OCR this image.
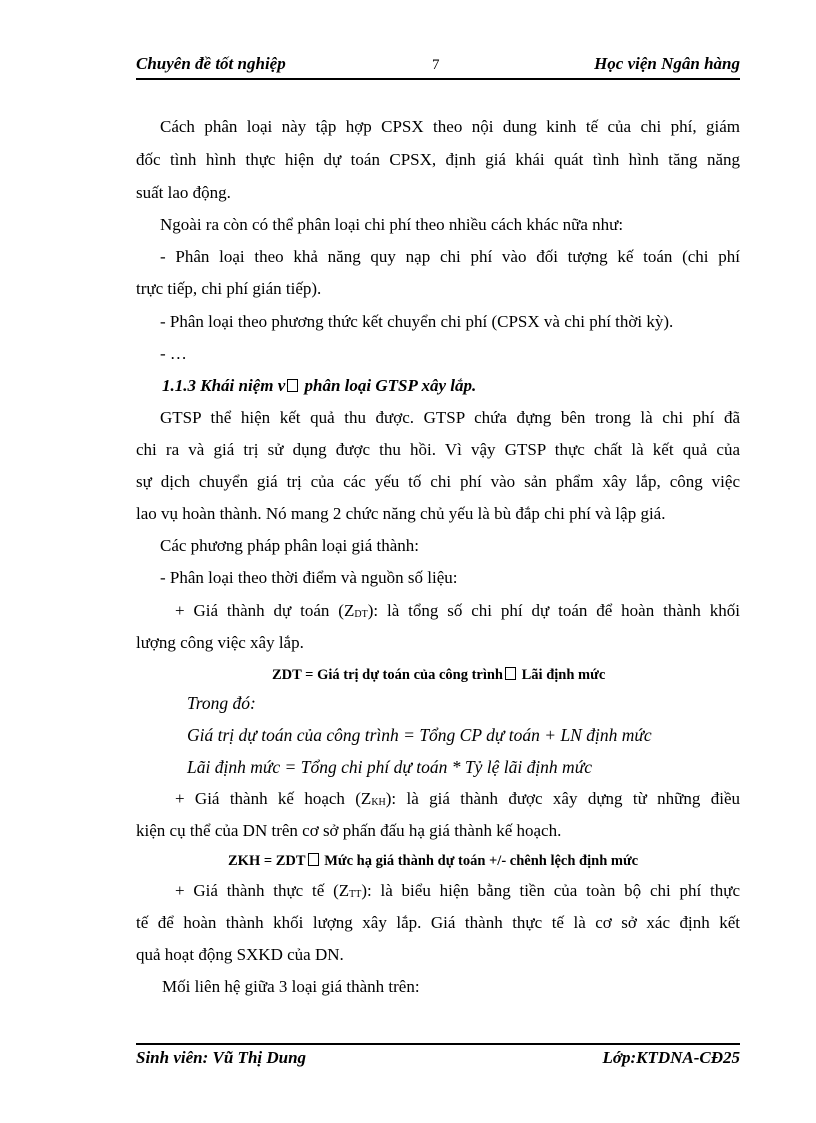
Chuyên đề tốt nghiệp	7	Học viện Ngân hàng
Cách phân loại này tập hợp CPSX theo nội dung kinh tế của chi phí, giám
đốc tình hình thực hiện dự toán CPSX, định giá khái quát tình hình tăng năng
suất lao động.
Ngoài ra còn có thể phân loại chi phí theo nhiều cách khác nữa như:
- Phân loại theo khả năng quy nạp chi phí vào đối tượng kế toán (chi phí
trực tiếp, chi phí gián tiếp).
- Phân loại theo phương thức kết chuyển chi phí (CPSX và chi phí thời kỳ).
- …
1.1.3 Khái niệm v phân loại GTSP xây lắp.
GTSP thể hiện kết quả thu được. GTSP chứa đựng bên trong là chi phí đã
chi ra và giá trị sử dụng được thu hồi. Vì vậy GTSP thực chất là kết quả của
sự dịch chuyển giá trị của các yếu tố chi phí vào sản phẩm xây lắp, công việc
lao vụ hoàn thành. Nó mang 2 chức năng chủ yếu là bù đắp chi phí và lập giá.
Các phương pháp phân loại giá thành:
- Phân loại theo thời điểm và nguồn số liệu:
+ Giá thành dự toán $(Z_{DT})$: là tổng số chi phí dự toán để hoàn thành khối
lượng công việc xây lắp.
ZDT = Giá trị dự toán của công trình Lãi định mức
Trong đó:
Giá trị dự toán của công trình = Tổng CP dự toán + LN định mức
Lãi định mức = Tổng chi phí dự toán * Tỷ lệ lãi định mức
+ Giá thành kế hoạch $(Z_{KH})$: là giá thành được xây dựng từ những điều
kiện cụ thể của DN trên cơ sở phấn đấu hạ giá thành kế hoạch.
ZKH = ZDT Mức hạ giá thành dự toán +/- chênh lệch định mức
+ Giá thành thực tế $(Z_{TT})$: là biểu hiện bằng tiền của toàn bộ chi phí thực
tế để hoàn thành khối lượng xây lắp. Giá thành thực tế là cơ sở xác định kết
quả hoạt động SXKD của DN.
Mối liên hệ giữa 3 loại giá thành trên:
Sinh viên: Vũ Thị Dung	Lớp:KTDNA-CĐ25
